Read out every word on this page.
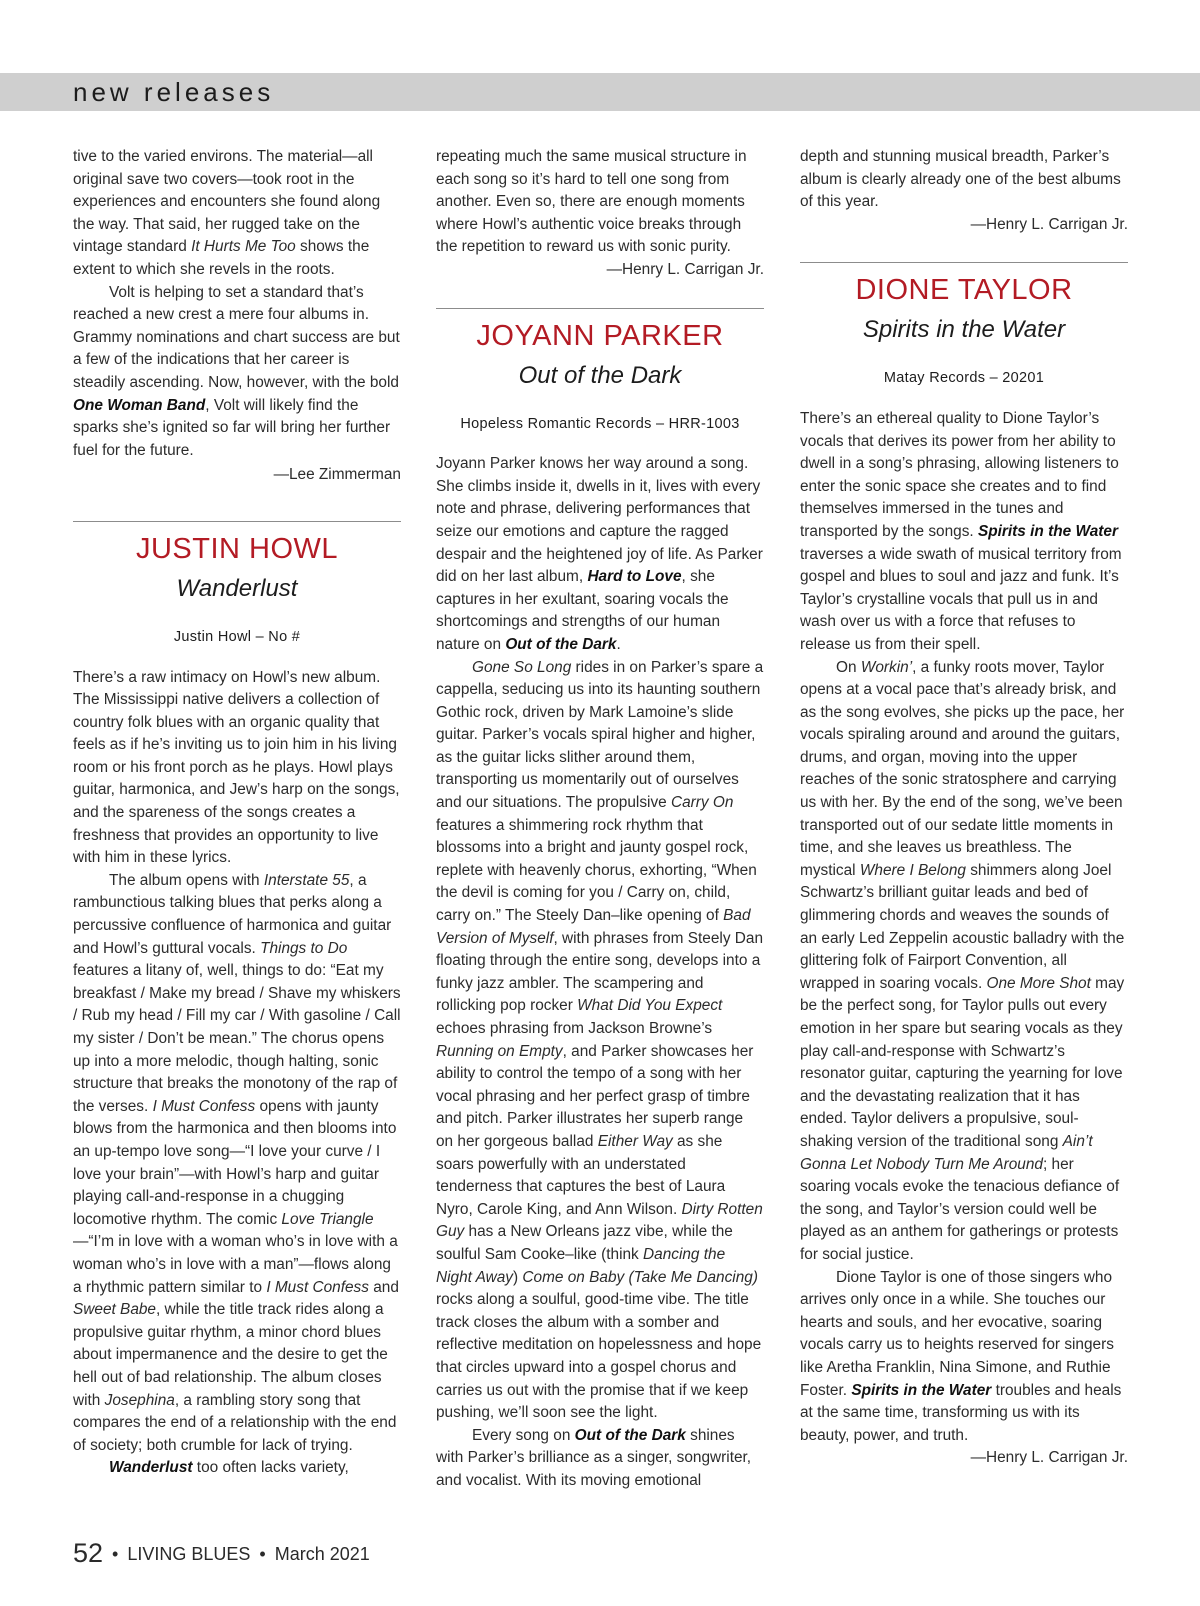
new releases

tive to the varied environs. The material—all original save two covers—took root in the experiences and encounters she found along the way. That said, her rugged take on the vintage standard It Hurts Me Too shows the extent to which she revels in the roots.

Volt is helping to set a standard that’s reached a new crest a mere four albums in. Grammy nominations and chart success are but a few of the indications that her career is steadily ascending. Now, however, with the bold One Woman Band, Volt will likely find the sparks she’s ignited so far will bring her further fuel for the future.

—Lee Zimmerman

JUSTIN HOWL
Wanderlust
Justin Howl – No #

There’s a raw intimacy on Howl’s new album. The Mississippi native delivers a collection of country folk blues with an organic quality that feels as if he’s inviting us to join him in his living room or his front porch as he plays. Howl plays guitar, harmonica, and Jew’s harp on the songs, and the spareness of the songs creates a freshness that provides an opportunity to live with him in these lyrics.

The album opens with Interstate 55, a rambunctious talking blues that perks along a percussive confluence of harmonica and guitar and Howl’s guttural vocals. Things to Do features a litany of, well, things to do: “Eat my breakfast / Make my bread / Shave my whiskers / Rub my head / Fill my car / With gasoline / Call my sister / Don’t be mean.” The chorus opens up into a more melodic, though halting, sonic structure that breaks the monotony of the rap of the verses. I Must Confess opens with jaunty blows from the harmonica and then blooms into an up-tempo love song—“I love your curve / I love your brain”—with Howl’s harp and guitar playing call-and-response in a chugging locomotive rhythm. The comic Love Triangle—“I’m in love with a woman who’s in love with a woman who’s in love with a man”—flows along a rhythmic pattern similar to I Must Confess and Sweet Babe, while the title track rides along a propulsive guitar rhythm, a minor chord blues about impermanence and the desire to get the hell out of bad relationship. The album closes with Josephina, a rambling story song that compares the end of a relationship with the end of society; both crumble for lack of trying.

Wanderlust too often lacks variety,

repeating much the same musical structure in each song so it’s hard to tell one song from another. Even so, there are enough moments where Howl’s authentic voice breaks through the repetition to reward us with sonic purity.

—Henry L. Carrigan Jr.

JOYANN PARKER
Out of the Dark
Hopeless Romantic Records – HRR-1003

Joyann Parker knows her way around a song. She climbs inside it, dwells in it, lives with every note and phrase, delivering performances that seize our emotions and capture the ragged despair and the heightened joy of life. As Parker did on her last album, Hard to Love, she captures in her exultant, soaring vocals the shortcomings and strengths of our human nature on Out of the Dark.

Gone So Long rides in on Parker’s spare a cappella, seducing us into its haunting southern Gothic rock, driven by Mark Lamoine’s slide guitar. Parker’s vocals spiral higher and higher, as the guitar licks slither around them, transporting us momentarily out of ourselves and our situations. The propulsive Carry On features a shimmering rock rhythm that blossoms into a bright and jaunty gospel rock, replete with heavenly chorus, exhorting, “When the devil is coming for you / Carry on, child, carry on.” The Steely Dan–like opening of Bad Version of Myself, with phrases from Steely Dan floating through the entire song, develops into a funky jazz ambler. The scampering and rollicking pop rocker What Did You Expect echoes phrasing from Jackson Browne’s Running on Empty, and Parker showcases her ability to control the tempo of a song with her vocal phrasing and her perfect grasp of timbre and pitch. Parker illustrates her superb range on her gorgeous ballad Either Way as she soars powerfully with an understated tenderness that captures the best of Laura Nyro, Carole King, and Ann Wilson. Dirty Rotten Guy has a New Orleans jazz vibe, while the soulful Sam Cooke–like (think Dancing the Night Away) Come on Baby (Take Me Dancing) rocks along a soulful, good-time vibe. The title track closes the album with a somber and reflective meditation on hopelessness and hope that circles upward into a gospel chorus and carries us out with the promise that if we keep pushing, we’ll soon see the light.

Every song on Out of the Dark shines with Parker’s brilliance as a singer, songwriter, and vocalist. With its moving emotional

depth and stunning musical breadth, Parker’s album is clearly already one of the best albums of this year.

—Henry L. Carrigan Jr.

DIONE TAYLOR
Spirits in the Water
Matay Records – 20201

There’s an ethereal quality to Dione Taylor’s vocals that derives its power from her ability to dwell in a song’s phrasing, allowing listeners to enter the sonic space she creates and to find themselves immersed in the tunes and transported by the songs. Spirits in the Water traverses a wide swath of musical territory from gospel and blues to soul and jazz and funk. It’s Taylor’s crystalline vocals that pull us in and wash over us with a force that refuses to release us from their spell.

On Workin’, a funky roots mover, Taylor opens at a vocal pace that’s already brisk, and as the song evolves, she picks up the pace, her vocals spiraling around and around the guitars, drums, and organ, moving into the upper reaches of the sonic stratosphere and carrying us with her. By the end of the song, we’ve been transported out of our sedate little moments in time, and she leaves us breathless. The mystical Where I Belong shimmers along Joel Schwartz’s brilliant guitar leads and bed of glimmering chords and weaves the sounds of an early Led Zeppelin acoustic balladry with the glittering folk of Fairport Convention, all wrapped in soaring vocals. One More Shot may be the perfect song, for Taylor pulls out every emotion in her spare but searing vocals as they play call-and-response with Schwartz’s resonator guitar, capturing the yearning for love and the devastating realization that it has ended. Taylor delivers a propulsive, soul-shaking version of the traditional song Ain’t Gonna Let Nobody Turn Me Around; her soaring vocals evoke the tenacious defiance of the song, and Taylor’s version could well be played as an anthem for gatherings or protests for social justice.

Dione Taylor is one of those singers who arrives only once in a while. She touches our hearts and souls, and her evocative, soaring vocals carry us to heights reserved for singers like Aretha Franklin, Nina Simone, and Ruthie Foster. Spirits in the Water troubles and heals at the same time, transforming us with its beauty, power, and truth.

—Henry L. Carrigan Jr.

52 • LIVING BLUES • March 2021
